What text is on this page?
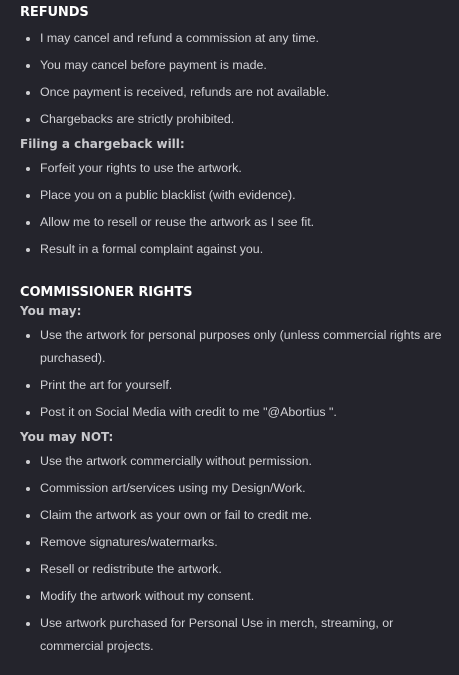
REFUNDS
I may cancel and refund a commission at any time.
You may cancel before payment is made.
Once payment is received, refunds are not available.
Chargebacks are strictly prohibited.

Filing a chargeback will:

Forfeit your rights to use the artwork.
Place you on a public blacklist (with evidence).
Allow me to resell or reuse the artwork as I see fit.
Result in a formal complaint against you.
COMMISSIONER RIGHTS

You may:

Use the artwork for personal purposes only (unless commercial rights are purchased).
Print the art for yourself.
Post it on Social Media with credit to me "@Abortius ".

You may NOT:

Use the artwork commercially without permission.
Commission art/services using my Design/Work.
Claim the artwork as your own or fail to credit me.
Remove signatures/watermarks.
Resell or redistribute the artwork.
Modify the artwork without my consent.
Use artwork purchased for Personal Use in merch, streaming, or commercial projects.
